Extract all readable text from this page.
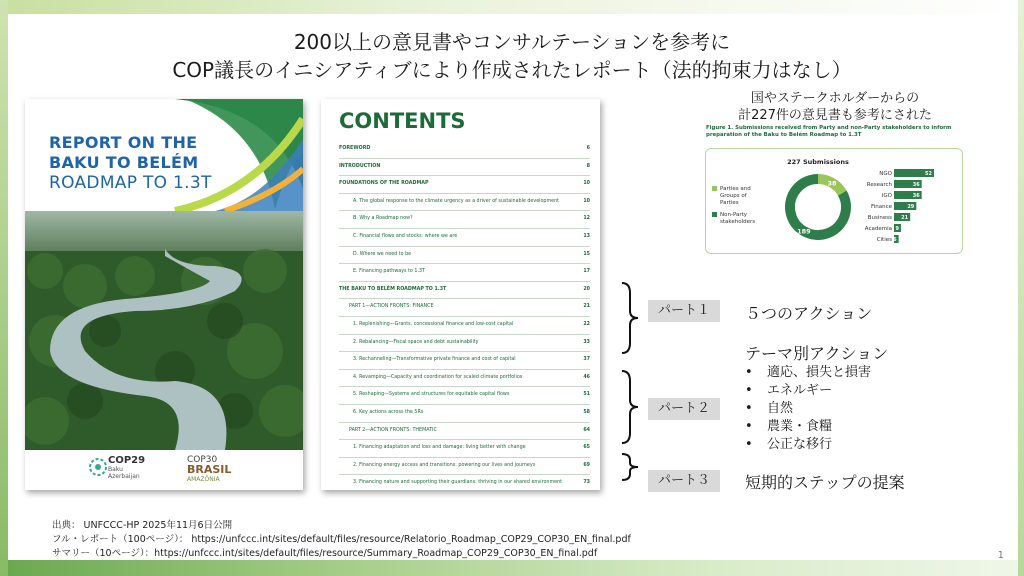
200以上の意見書やコンサルテーションを参考に
COP議長のイニシアティブにより作成されたレポート（法的拘束力はなし）
REPORT ON THE
BAKU TO BELÉM
ROADMAP TO 1.3T
COP29
Baku
Azerbaijan
COP30
BRASIL
AMAZÔNIA
CONTENTS
FOREWORD	6
INTRODUCTION	8
FOUNDATIONS OF THE ROADMAP	10
A. The global response to the climate urgency as a driver of sustainable development	10
B. Why a Roadmap now?	12
C. Financial flows and stocks: where we are	13
D. Where we need to be	15
E. Financing pathways to 1.3T	17
THE BAKU TO BELÉM ROADMAP TO 1.3T	20
PART 1—ACTION FRONTS: FINANCE	21
1. Replenishing—Grants, concessional finance and low-cost capital	22
2. Rebalancing—Fiscal space and debt sustainability	33
3. Rechanneling—Transformative private finance and cost of capital	37
4. Revamping—Capacity and coordination for scaled climate portfolios	46
5. Reshaping—Systems and structures for equitable capital flows	51
6. Key actions across the 5Rs	58
PART 2—ACTION FRONTS: THEMATIC	64
1. Financing adaptation and loss and damage: living better with change	65
2. Financing energy access and transitions: powering our lives and journeys	69
3. Financing nature and supporting their guardians: thriving in our shared environment	73

パート１	５つのアクション
パート２
テーマ別アクション
• 適応、損失と損害
• エネルギー
• 自然
• 農業・食糧
• 公正な移行
パート３	短期的ステップの提案
国やステークホルダーからの
計227件の意見書も参考にされた
Figure 1. Submissions received from Party and non-Party stakeholders to inform
preparation of the Baku to Belém Roadmap to 1.3T
227 Submissions
38
189
Parties and
Groups of
Parties
Non-Party
stakeholders
NGO	52
Research	36
IGO	36
Finance	29
Business 21
Academia 9
Cities 6
出典： UNFCCC-HP 2025年11月6日公開
フル・レポート（100ページ）： https://unfccc.int/sites/default/files/resource/Relatorio_Roadmap_COP29_COP30_EN_final.pdf
サマリー（10ページ）：https://unfccc.int/sites/default/files/resource/Summary_Roadmap_COP29_COP30_EN_final.pdf	1
